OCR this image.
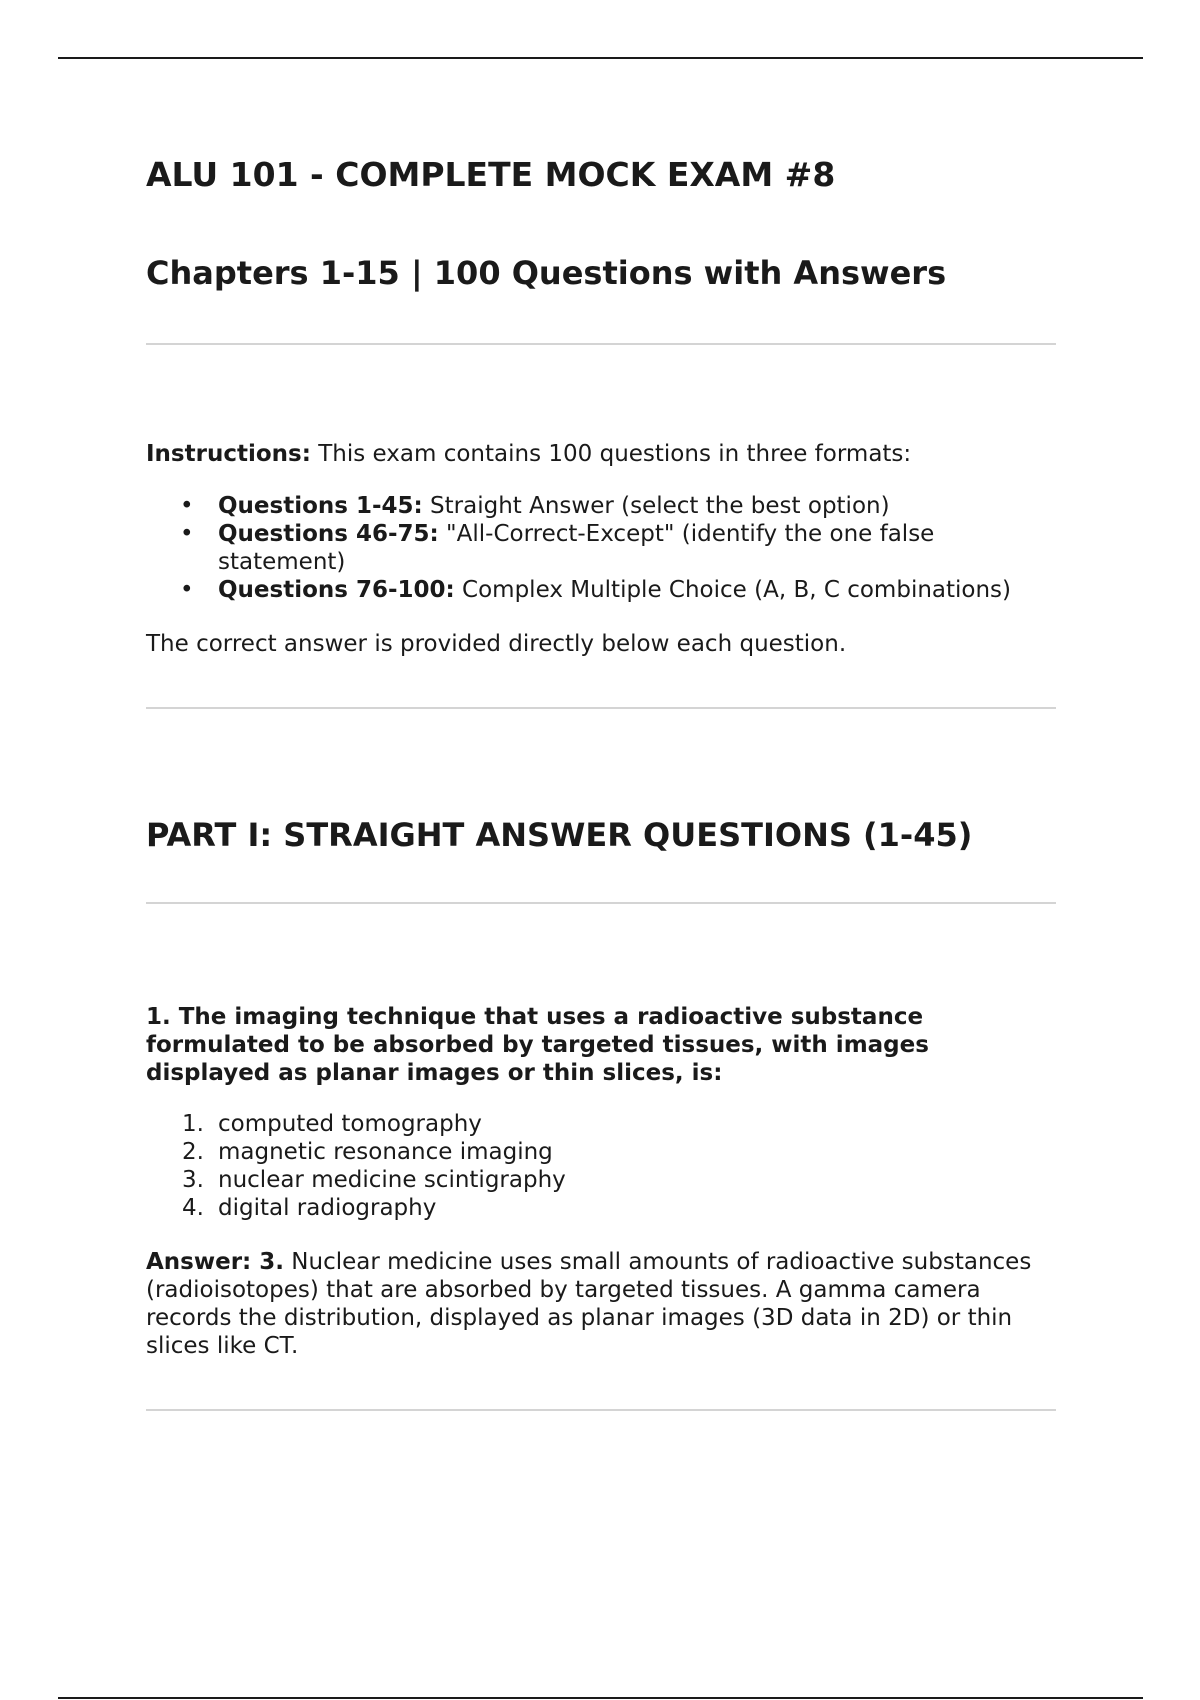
ALU 101 - COMPLETE MOCK EXAM #8
Chapters 1-15 | 100 Questions with Answers

Instructions: This exam contains 100 questions in three formats:

• Questions 1-45: Straight Answer (select the best option)
• Questions 46-75: "All-Correct-Except" (identify the one false statement)
• Questions 76-100: Complex Multiple Choice (A, B, C combinations)

The correct answer is provided directly below each question.

PART I: STRAIGHT ANSWER QUESTIONS (1-45)

1. The imaging technique that uses a radioactive substance formulated to be absorbed by targeted tissues, with images displayed as planar images or thin slices, is:

1. computed tomography
2. magnetic resonance imaging
3. nuclear medicine scintigraphy
4. digital radiography

Answer: 3. Nuclear medicine uses small amounts of radioactive substances (radioisotopes) that are absorbed by targeted tissues. A gamma camera records the distribution, displayed as planar images (3D data in 2D) or thin slices like CT.
